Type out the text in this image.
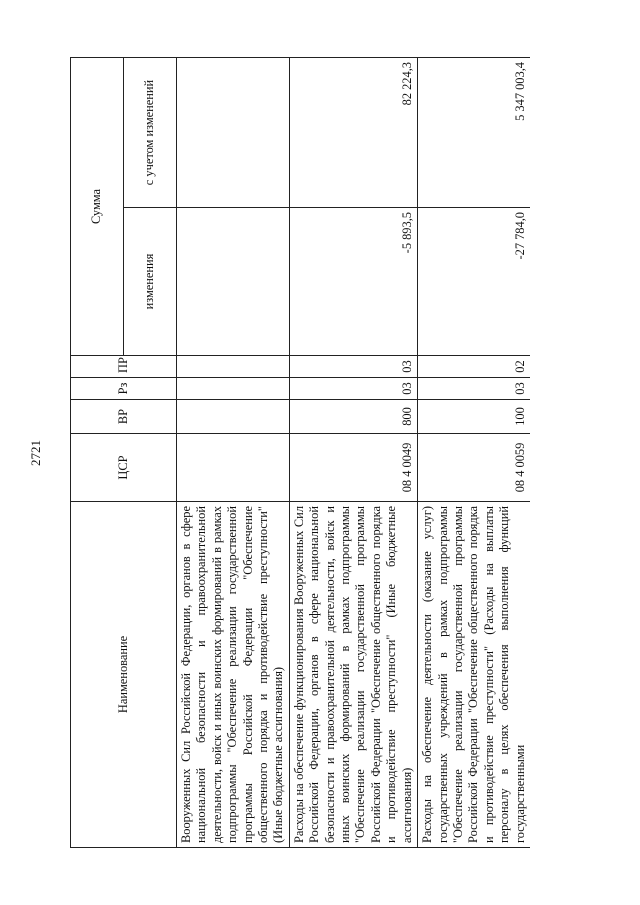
2721
Наименование	ЦСР	ВР	Рз	ПР	Сумма	
					изменения	с учетом изменений
Вооруженных Сил Российской Федерации, органов в сфере национальной безопасности и правоохранительной деятельности, войск и иных воинских формирований в рамках подпрограммы "Обеспечение реализации государственной программы Российской Федерации "Обеспечение общественного порядка и противодействие преступности" (Иные бюджетные ассигнования)						
Расходы на обеспечение функционирования Вооруженных Сил Российской Федерации, органов в сфере национальной безопасности и правоохранительной деятельности, войск и иных воинских формирований в рамках подпрограммы "Обеспечение реализации государственной программы Российской Федерации "Обеспечение общественного порядка и противодействие преступности" (Иные бюджетные ассигнования)	08 4 0049	800	03	03	-5 893,5	82 224,3
Расходы на обеспечение деятельности (оказание услуг) государственных учреждений в рамках подпрограммы "Обеспечение реализации государственной программы Российской Федерации "Обеспечение общественного порядка и противодействие преступности" (Расходы на выплаты персоналу в целях обеспечения выполнения функций государственными	08 4 0059	100	03	02	-27 784,0	5 347 003,4
